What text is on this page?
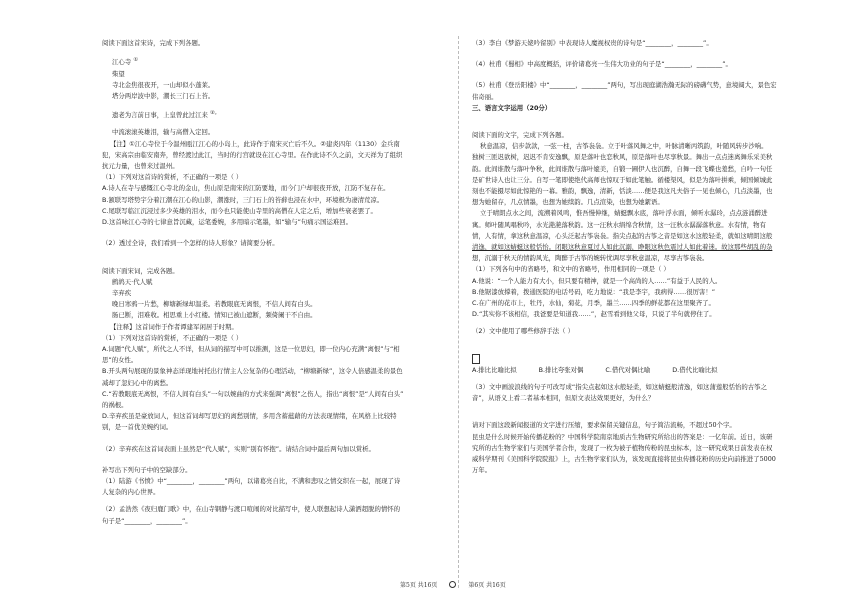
阅读下面这首宋诗，完成下列各题。

江心寺 ①

柴望

寺北金焦很夜开，一山却似小蓬莱。

塔分两岸波中影，潮长三门石上苔。

遗老为言前日事，上皇曾此过江来 ②。

中流滚滚英雄泪，输与高僧入定回。

【注】①江心寺位于今温州瓯江江心的小岛上，此诗作于南宋灭亡后不久。②建炎四年（1130）金兵南

犯，宋高宗由临安南奔，曾经渡过此江，当时的行宫就设在江心寺里。在作此诗不久之前，文天祥为了组织

抗元力量，也曾来过温州。

（1）下列对这首诗的赏析，不正确的一项是（ ）

A.诗人在寺与感慨江心寺北的金山，焦山原是南宋的江防要地，而今门户却很夜开放，江防不复存在。

B.颔联写塔势宇分着江潮在江心的山影，潮涨时，三门石上的苔藓也浸在水中，环境极为凄清荒凉。

C.尾联写临江沉浸过多少英雄的泪水，而今也只能使山寺里的高僧在人定之后，增加些衰老罢了。

D.这首咏江心寺的七律意旨沉藏，运笔委婉，多用暗示笔墨，如“输与”句痛示国运难回。

（2）透过全诗，我们看到一个怎样的诗人形象？请简要分析。

阅读下面宋词，完成各题。

鹧鸪天·代人赋

辛弃疾

晚日寒鸦一片愁，柳塘新绿却温柔。若教眼底无离恨，不信人间有白头。

肠已断，泪难收。相思重上小红楼。情知已被山遮断，频倚阑干不自由。

【注释】这首词作于作者谭建军闲居于时期。

（1）下列对这首诗的赏析，不正确的一项是（ ）

A.词题“代人赋”，所代之人不详，但从词的描写中可以推测，这是一位思妇，即一位内心充满“离恨”与“相

思”的女性。

B.开头两句展现的景象神态详现地衬托出行情主人公复杂的心理活动，“柳塘新绿”，这令人倍感温柔的景色

减却了忽妇心中的离愁。

C.“若教眼底无离恨，不信人间有白头”一句以婉曲的方式来强调“离恨”之伤人，指出“离恨”是“人间有白头”

的祸根。

D.辛弃疾虽是豪放词人，但这首词却写思妇的离愁别情，多用含蓄蕴藉的方法表现情绪，在风格上比较特

别，是一首优美婉约词。

（2）辛弃疾在这首词表面上虽然是“代人赋”，实则“别有怀抱”。请结合词中最后两句加以赏析。

补写出下列句子中的空缺部分。

（1）陆游《书愤》中“________，________”两句，以诸葛亮自比，不满和悲叹之情交织在一起，展现了诗

人复杂的内心世界。

（2）孟浩然《夜归鹿门歌》中，在山寺钢静与渡口喧闹的对比描写中，使人联想起诗人潇洒超脱的情怀的

句子是“________，________”。

（3）李白《梦游天姥吟留别》中表现诗人魔视权贵的诗句是“________，________”。

（4）杜甫《蜀相》中高度概括，评价诸葛亮一生伟大功业的句子是“________，________”。

（5）杜甫《登岳阳楼》中“________，________”两句，写出现庭湖浩瀚无际的磅礴气势，意境阔大，景色宏

伟奇丽。

三、语言文字运用（20分）

阅读下面的文字，完成下列各题。

秋意温凉，信步款款，一弦一柱，古筝袅袅。立于叶落风舞之中，叶脉清晰丙筑韵，叶随风转步沙响。

独树三匝迟欲树，迟迟不肯安逸飘，原是落叶也恋秋风，原是落叶也尽享秋景。舞出一点点迷离舞乐采美秋

韵。此间谁散与落叶争秋，此间谁散与落叶媲美，自锻一圃伊人也沉醉，自舞一段飞蝶也羞愁，自吟一句任

是矿世诗人也让三分。自写一笔即使绝代高师也惊叹于如此笔触。循楼渠风，似是为落叶拼乘，倾国倾城此

刻也不能摄尽如此惊艳的一幕。雅韵，飘逸，清新，恬淡……便是我这凡夫俗子一见也倾心，几点淡墨，也

想为她留存，几点情墨，也想为她续韵。几点渲染，也想为她絮语。

立于晴朗点水之间，流溯着风鸣，惟吾慢伸继，蜻蜓飘水底，落叶浮水面，倾听水潺玲，点点涟涌醉进

寓。师叶随风唱秋吟，水光滟滟落秋韵。这一汪秋水绢绵含秋情，这一汪秋水潺潺落秋意。水有情，物有

情，人有情，拿这秋意温凉，心头泛起古筝袅袅。指尖点起的古筝之音是如这水这般轻柔，就如这晴朗这般

清逸，就如这蜻蜓这般恬怡。闭眼这秋意夏过人如此沉溺，睁眼这秋色震过人如此着迷。故这那些胡乱的杂

想，沉溺于秋天的情韵风光，陶醉于古筝的婉转忧调尽享秋意温凉，尽享古筝袅袅。

（1）下列各句中的省略号，和文中的省略号，作用相同的一项是（ ）

A.他说：“一个人能力有大小，但只要有精神，就是一个高尚的人……”有益于人民的人。

B.他锯漆放撑着，拨通医院的电话号码，吃力地说：“我是李宇，我病得……很厉害！”

C.在广州的花市上，牡丹，水仙，菊花，月季，墨兰……四季的鲜花都在这里聚齐了。

D.“其实你不该相信，我爸要是知道我……”，赵雪看到他父母，只说了半句就停住了。

（2）文中使用了哪些修辞手法（ ）

A.排比比喻比拟	B.排比夸张对偶	C.借代对偶比喻	D.借代比喻比拟

（3）文中画波浪线的句子可改写成“指尖点起如这水般轻柔，如这蜻蜓般清逸，如这蒲莲般恬怡的古筝之

音”，从语义上看二者基本相同，但原文表达效果更好，为什么？

请对下面这段新闻报道的文字进行压缩，要求保留关键信息，句子简洁流畅，不超过50个字。

昆虫是什么时候开始传播花粉的？中国科学院南京地质古生物研究所给出的答案是：一亿年前。近日，该研

究所的古生物学家们与美国学者合作，发现了一枚为被子植物传粉的昆虫标本，这一研究成果日前发表在权

威科学期刊《美国科学院院报》上，古生物学家们认为，该发现直接将昆虫传播花粉的历史向前推进了5000

万年。

第5页 共16页	第6页 共16页
